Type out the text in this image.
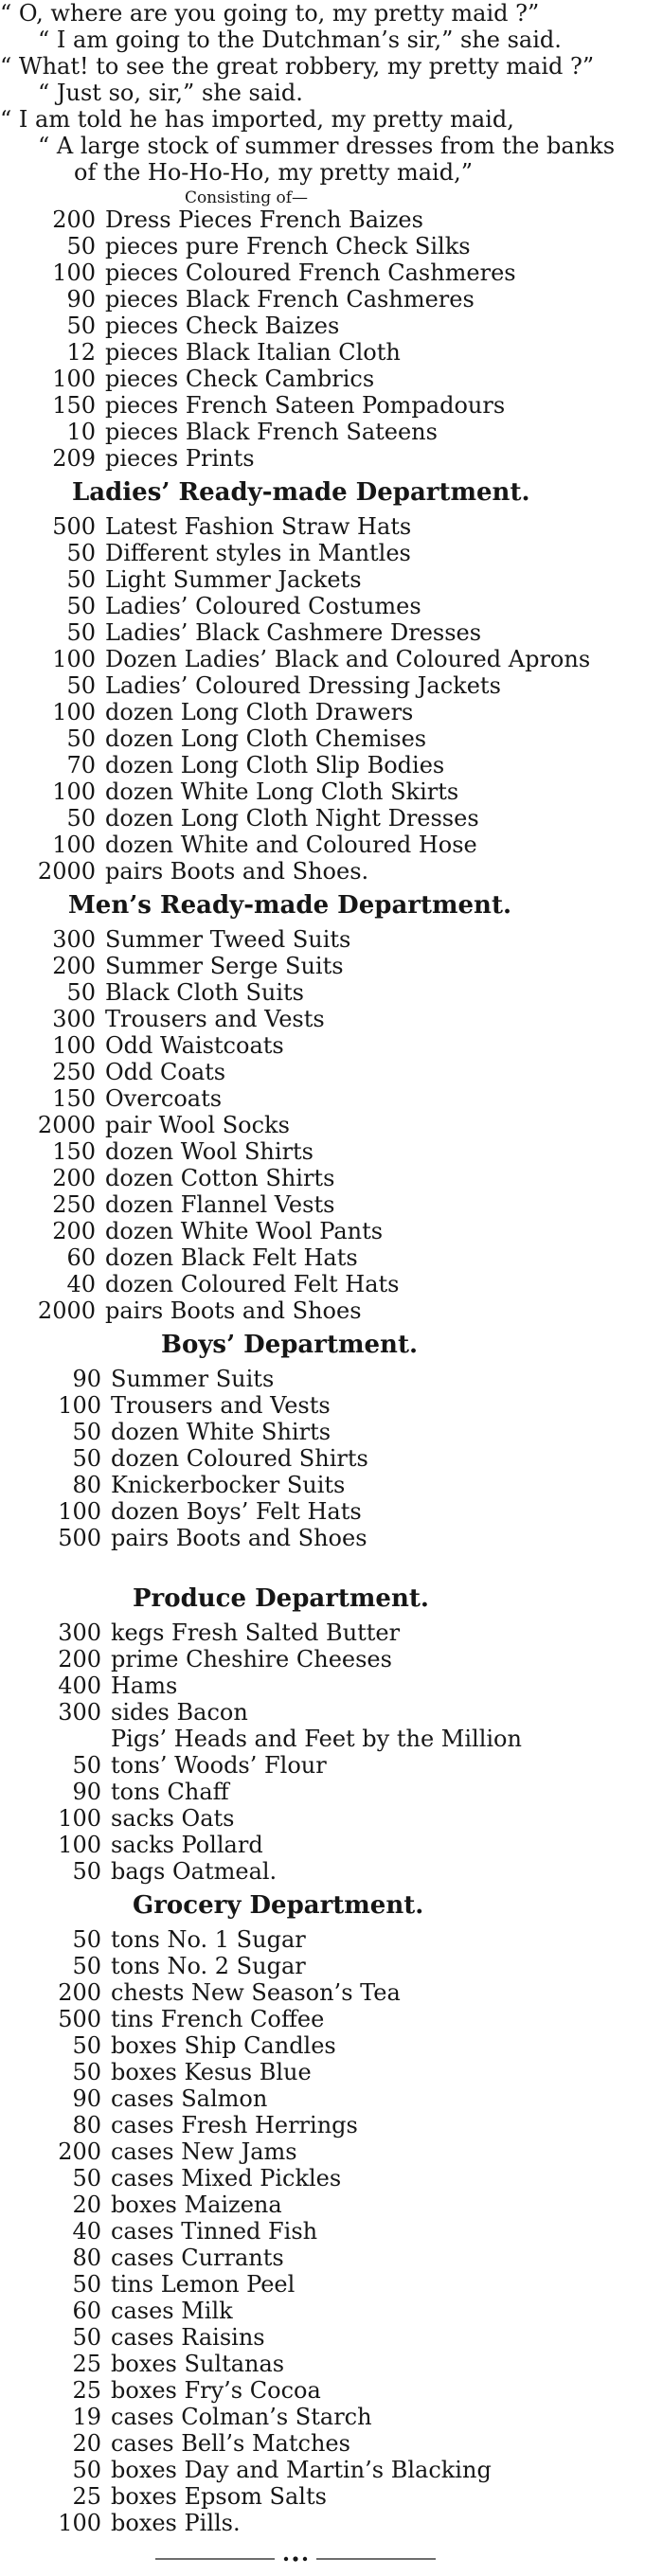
“ O, where are you going to, my pretty maid ?”
“ I am going to the Dutchman’s sir,” she said.
“ What! to see the great robbery, my pretty maid ?”
“ Just so, sir,” she said.
“ I am told he has imported, my pretty maid,
“ A large stock of summer dresses from the banks
of the Ho-Ho-Ho, my pretty maid,”
Consisting of—
200 Dress Pieces French Baizes
50 pieces pure French Check Silks
100 pieces Coloured French Cashmeres
90 pieces Black French Cashmeres
50 pieces Check Baizes
12 pieces Black Italian Cloth
100 pieces Check Cambrics
150 pieces French Sateen Pompadours
10 pieces Black French Sateens
209 pieces Prints
Ladies’ Ready-made Department.
500 Latest Fashion Straw Hats
50 Different styles in Mantles
50 Light Summer Jackets
50 Ladies’ Coloured Costumes
50 Ladies’ Black Cashmere Dresses
100 Dozen Ladies’ Black and Coloured Aprons
50 Ladies’ Coloured Dressing Jackets
100 dozen Long Cloth Drawers
50 dozen Long Cloth Chemises
70 dozen Long Cloth Slip Bodies
100 dozen White Long Cloth Skirts
50 dozen Long Cloth Night Dresses
100 dozen White and Coloured Hose
2000 pairs Boots and Shoes.
Men’s Ready-made Department.
300 Summer Tweed Suits
200 Summer Serge Suits
50 Black Cloth Suits
300 Trousers and Vests
100 Odd Waistcoats
250 Odd Coats
150 Overcoats
2000 pair Wool Socks
150 dozen Wool Shirts
200 dozen Cotton Shirts
250 dozen Flannel Vests
200 dozen White Wool Pants
60 dozen Black Felt Hats
40 dozen Coloured Felt Hats
2000 pairs Boots and Shoes
Boys’ Department.
90 Summer Suits
100 Trousers and Vests
50 dozen White Shirts
50 dozen Coloured Shirts
80 Knickerbocker Suits
100 dozen Boys’ Felt Hats
500 pairs Boots and Shoes
Produce Department.
300 kegs Fresh Salted Butter
200 prime Cheshire Cheeses
400 Hams
300 sides Bacon
Pigs’ Heads and Feet by the Million
50 tons’ Woods’ Flour
90 tons Chaff
100 sacks Oats
100 sacks Pollard
50 bags Oatmeal.
Grocery Department.
50 tons No. 1 Sugar
50 tons No. 2 Sugar
200 chests New Season’s Tea
500 tins French Coffee
50 boxes Ship Candles
50 boxes Kesus Blue
90 cases Salmon
80 cases Fresh Herrings
200 cases New Jams
50 cases Mixed Pickles
20 boxes Maizena
40 cases Tinned Fish
80 cases Currants
50 tins Lemon Peel
60 cases Milk
50 cases Raisins
25 boxes Sultanas
25 boxes Fry’s Cocoa
19 cases Colman’s Starch
20 cases Bell’s Matches
50 boxes Day and Martin’s Blacking
25 boxes Epsom Salts
100 boxes Pills.
